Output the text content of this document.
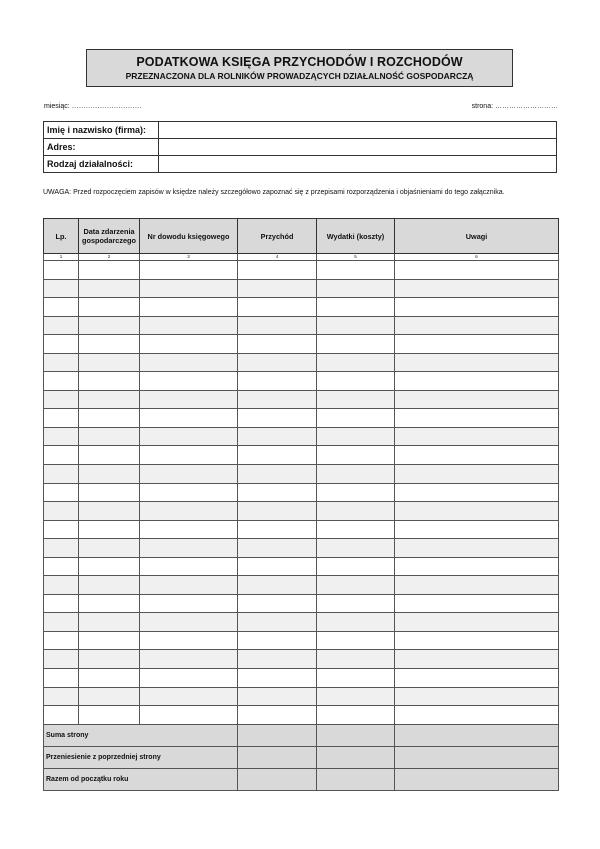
PODATKOWA KSIĘGA PRZYCHODÓW I ROZCHODÓW
PRZEZNACZONA DLA ROLNIKÓW PROWADZĄCYCH DZIAŁALNOŚĆ GOSPODARCZĄ
miesiąc: …………………………	strona: ………………………
Imię i nazwisko (firma):	
Adres:	
Rodzaj działalności:	
UWAGA: Przed rozpoczęciem zapisów w księdze należy szczegółowo zapoznać się z przepisami rozporządzenia i objaśnieniami do tego załącznika.
Lp.	Data zdarzenia gospodarczego	Nr dowodu księgowego	Przychód	Wydatki (koszty)	Uwagi
1	2	3	4	5	6

Suma strony					
Przeniesienie z poprzedniej strony					
Razem od początku roku					
